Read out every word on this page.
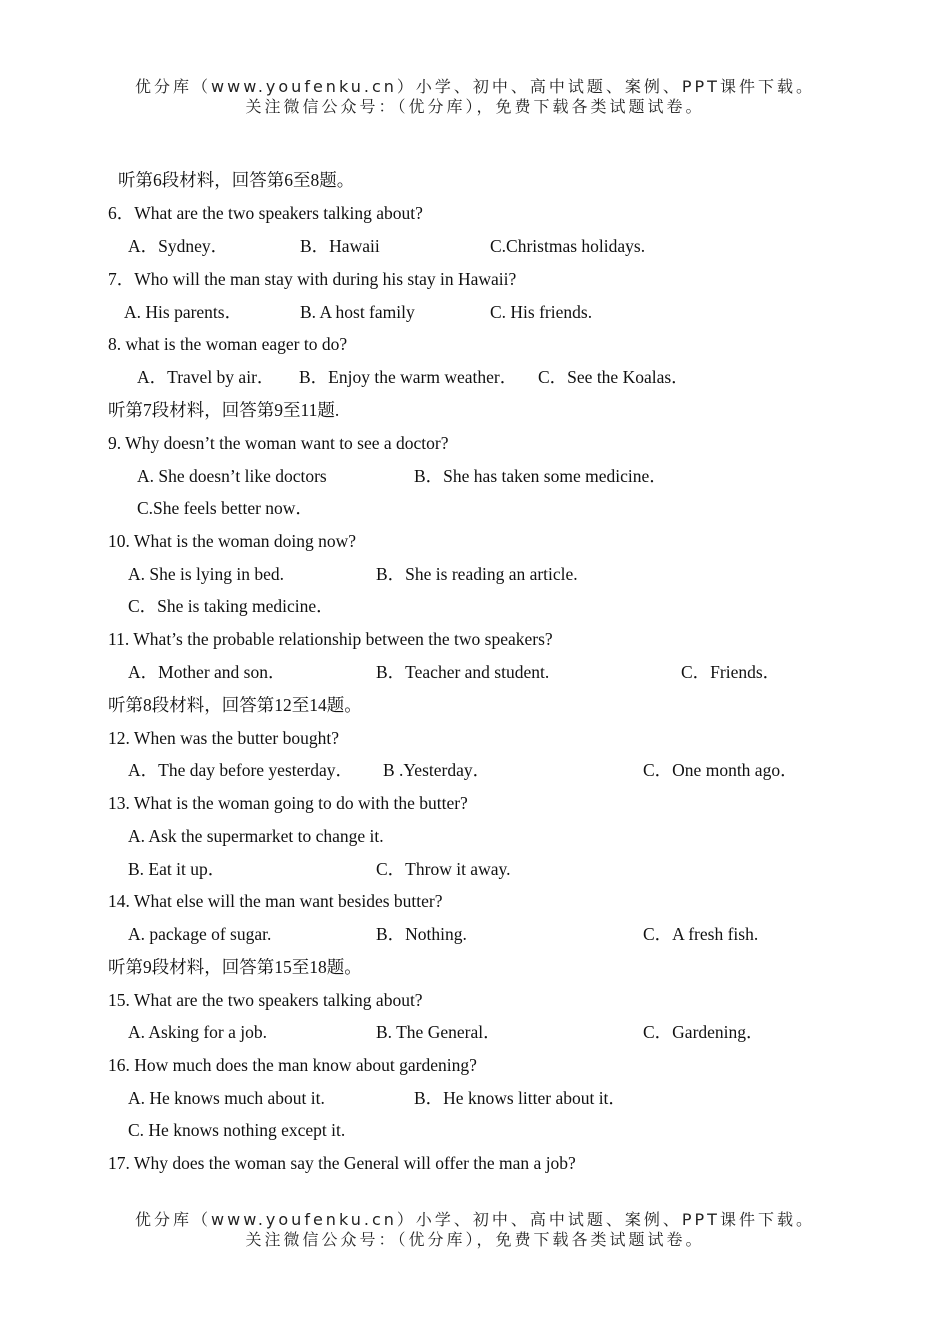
优分库（www.youfenku.cn）小学、初中、高中试题、案例、PPT课件下载。
关注微信公众号：（优分库），免费下载各类试题试卷。
听第6段材料，回答第6至8题。
6．What are the two speakers talking about?
A．Sydney．	B．Hawaii	C.Christmas holidays.
7．Who will the man stay with during his stay in Hawaii?
A. His parents．	B. A host family	C. His friends.
8. what is the woman eager to do?
A．Travel by air． B．Enjoy the warm weather． C．See the Koalas．
听第7段材料，回答第9至11题.
9. Why doesn’t the woman want to see a doctor?
A. She doesn’t like doctors	B．She has taken some medicine．
C.She feels better now．
10. What is the woman doing now?
A. She is lying in bed.	B．She is reading an article.
C．She is taking medicine．
11. What’s the probable relationship between the two speakers?
A．Mother and son．	B．Teacher and student.	C．Friends．
听第8段材料，回答第12至14题。
12. When was the butter bought?
A．The day before yesterday． B .Yesterday．	C．One month ago．
13. What is the woman going to do with the butter?
A. Ask the supermarket to change it.
B. Eat it up．	C．Throw it away.
14. What else will the man want besides butter?
A. package of sugar.	B．Nothing.	C．A fresh fish.
听第9段材料，回答第15至18题。
15. What are the two speakers talking about?
A. Asking for a job.	B. The General．	C．Gardening．
16. How much does the man know about gardening?
A. He knows much about it.	B．He knows litter about it．
C. He knows nothing except it.
17. Why does the woman say the General will offer the man a job?
优分库（www.youfenku.cn）小学、初中、高中试题、案例、PPT课件下载。
关注微信公众号：（优分库），免费下载各类试题试卷。
